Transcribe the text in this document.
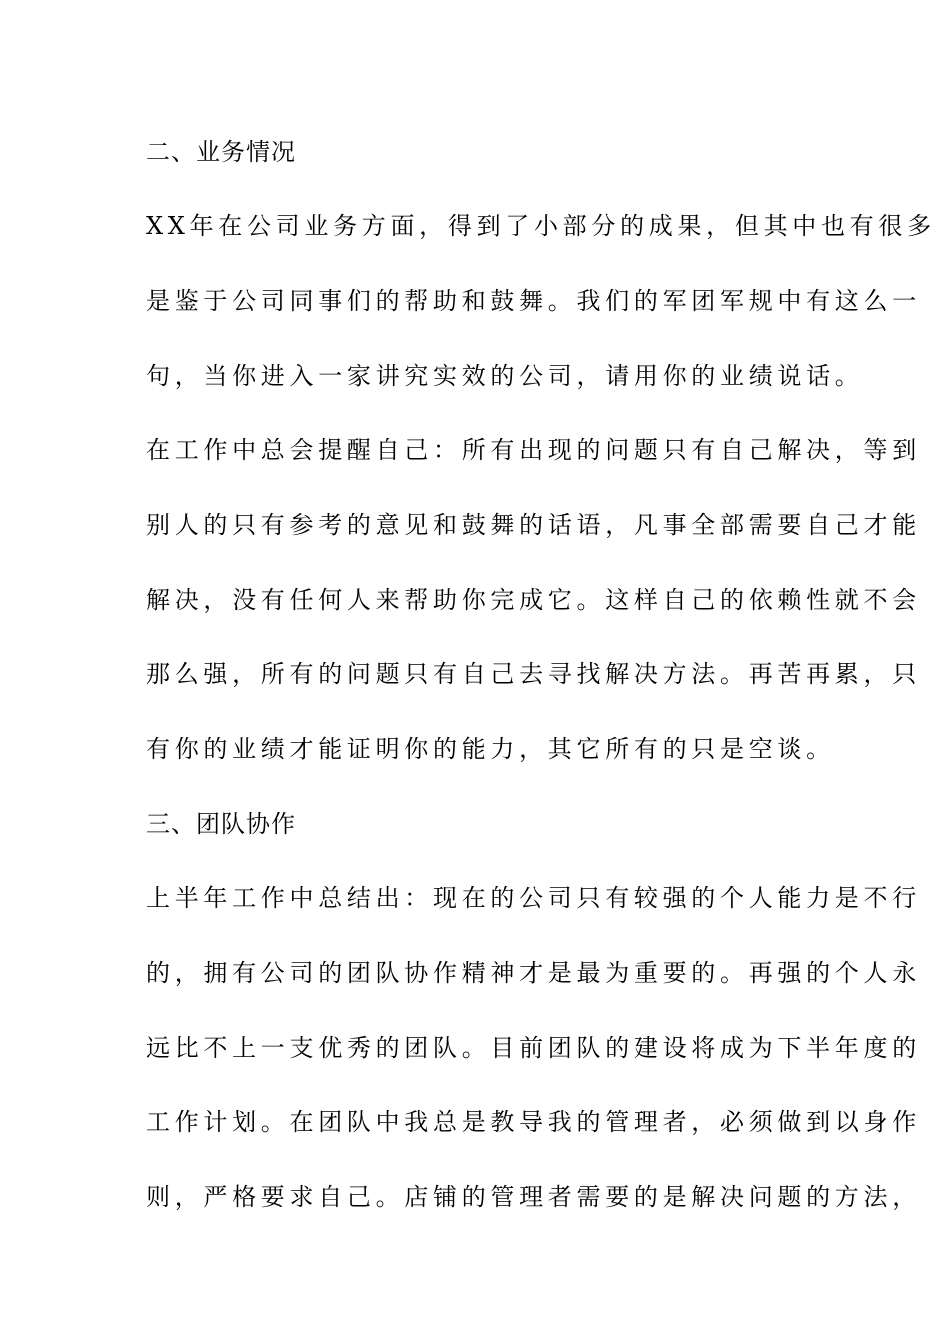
二、业务情况

XX年在公司业务方面，得到了小部分的成果，但其中也有很多

是鉴于公司同事们的帮助和鼓舞。我们的军团军规中有这么一

句，当你进入一家讲究实效的公司，请用你的业绩说话。

在工作中总会提醒自己：所有出现的问题只有自己解决，等到

别人的只有参考的意见和鼓舞的话语，凡事全部需要自己才能

解决，没有任何人来帮助你完成它。这样自己的依赖性就不会

那么强，所有的问题只有自己去寻找解决方法。再苦再累，只

有你的业绩才能证明你的能力，其它所有的只是空谈。

三、团队协作

上半年工作中总结出：现在的公司只有较强的个人能力是不行

的，拥有公司的团队协作精神才是最为重要的。再强的个人永

远比不上一支优秀的团队。目前团队的建设将成为下半年度的

工作计划。在团队中我总是教导我的管理者，必须做到以身作

则，严格要求自己。店铺的管理者需要的是解决问题的方法，
